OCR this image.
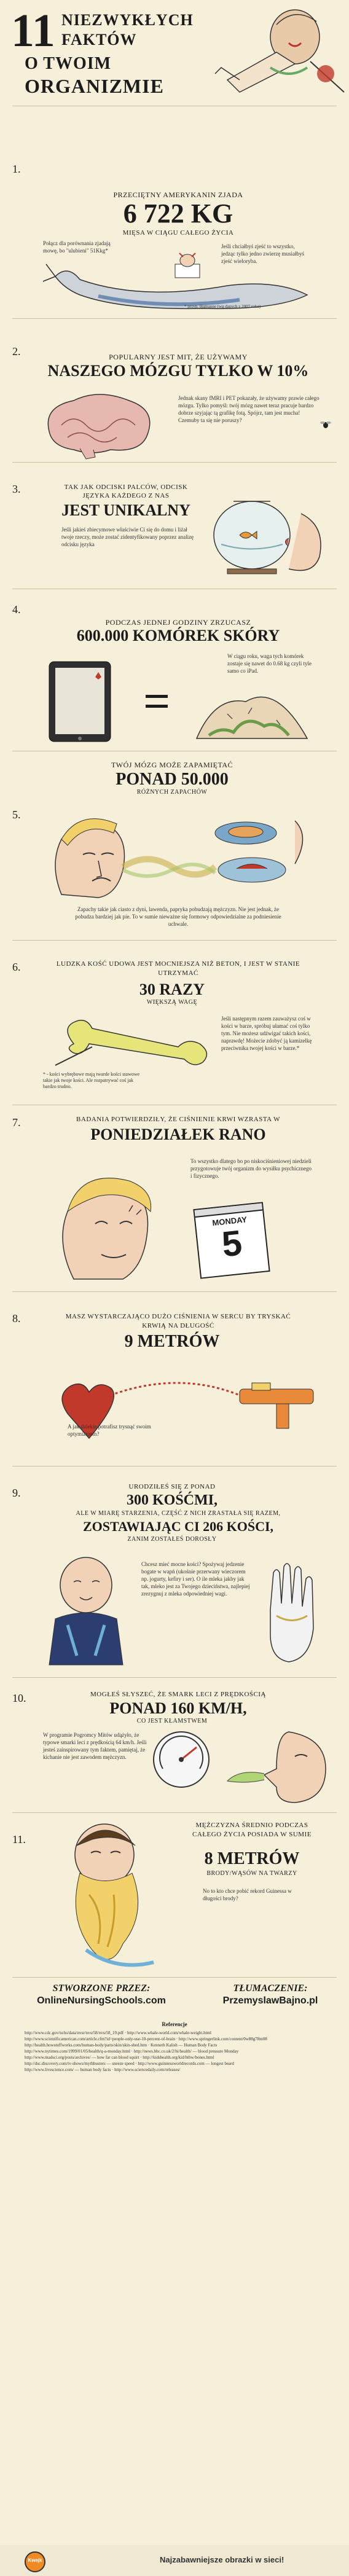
11 NIEZWYKŁYCH
FAKTÓW
O TWOIM
ORGANIZMIE
1.
PRZECIĘTNY AMERYKANIN ZJADA
6 722 KG
MIĘSA W CIĄGU CAŁEGO ŻYCIA
Połącz dla porównania zjadają mowę, bo "ulubieni" 51Kkg*
Jeśli chciałbyś zjeść to wszystko, jedząc tylko jedno zwierzę musiałbyś zjeść wieloryba.
* przyp. Humanne (wg danych z 2007 roku)
2.	POPULARNY JEST MIT, ŻE UŻYWAMY
NASZEGO MÓZGU TYLKO W 10%
Jednak skany fMRI i PET pokazały, że używamy prawie całego mózgu. Tylko pomyśl: twój mózg nawet teraz pracuje bardzo dobrze szyjając tą grafikę fotą. Spójrz, tam jest mucha! Czemuby ta się nie poruszy?
3.	TAK JAK ODCISKI PALCÓW, ODCISK JĘZYKA KAŻDEGO Z NAS
JEST UNIKALNY
Jeśli jakieś zbiecymowe właściwie Ci się do domu i liżał twoje rzeczy, może zostać zidentyfikowany poprzez analizę odcisku języka
4.
PODCZAS JEDNEJ GODZINY ZRZUCASZ
600.000 KOMÓREK SKÓRY
W ciągu roku, waga tych komórek zostaje się nawet do 0.68 kg czyli tyle samo co iPad.
5.
TWÓJ MÓZG MOŻE ZAPAMIĘTAĆ
PONAD 50.000
RÓŻNYCH ZAPACHÓW
Zapachy takie jak ciasto z dyni, lawenda, papryka pobudzają mężczyzn. Nie jest jednak, że pobudza bardziej jak pie. To w sumie nieważne się formowy odpowiedzialne za podniesienie uchwale.
6.	LUDZKA KOŚĆ UDOWA JEST MOCNIEJSZA NIŻ BETON, I JEST W STANIE UTRZYMAĆ
30 RAZY
WIĘKSZĄ WAGĘ
Jeśli następnym razem zauważysz coś w kości w barze, spróbuj ułamać coś tylko tym. Nie możesz udźwigać takich kości, naprawdę! Możecie zdobyć ją kamizelkę przeciwnika twojej kości w barze.*
* - kości wybrębowe mają twarde kości stawowe takie jak twoje kości. Ale rozpatrywać coś jak bardzo trudno.
7.	BADANIA POTWIERDZIŁY, ŻE CIŚNIENIE KRWI WZRASTA W
PONIEDZIAŁEK RANO
To wszystko dlatego bo po niskociśnieniowej niedzieli przygotowuje twój organizm do wysiłku psychicznego i fizycznego.
MONDAY
5
8.	MASZ WYSTARCZAJĄCO DUŻO CIŚNIENIA W SERCU BY TRYSKAĆ KRWIĄ NA DŁUGOŚĆ
9 METRÓW
A jak dalekie potrafisz trysnąć swoim optymizmem?
9.	URODZIŁEŚ SIĘ Z PONAD
300 KOŚĆMI,
ALE W MIARĘ STARZENIA, CZĘŚĆ Z NICH ZRASTAŁA SIĘ RAZEM,
ZOSTAWIAJĄC CI 206 KOŚCI,
ZANIM ZOSTAŁEŚ DOROSŁY
Chcesz mieć mocne kości? Spożywaj jedzenie bogate w wapń (ukośnie przerwany wieczorem np. jogurty, kefiry i ser). O ile mleka jakby jak tak, mleko jest za Twojego dzieciństwa, najlepiej zrezygnuj z mleka odpowiedniej wagi.
10.	MOGŁEŚ SŁYSZEĆ, ŻE SMARK LECI Z PRĘDKOŚCIĄ
PONAD 160 KM/H,
CO JEST KŁAMSTWEM
W programie Pogromcy Mitów udążyło, że typowe smarki leci z prędkością 64 km/h. Jeśli jesteś zainspirowany tym faktem, pamiętaj, że kichanie nie jest zawodem mężczyzn.
11.
MĘŻCZYZNA ŚREDNIO PODCZAS CAŁEGO ŻYCIA POSIADA W SUMIE
8 METRÓW
BRODY/WĄSÓW NA TWARZY
No to kto chce pobić rekord Guinessa w długości brody?
STWORZONE PRZEZ:
OnlineNursingSchools.com
TŁUMACZENIE:
PrzemyslawBajno.pl
Referencje
http://www.cdc.gov/nchs/data/nvsr/nvsr58/nvsr58_19.pdf · http://www.whale-world.com/whale-weight.html
http://www.scientificamerican.com/article.cfm?id=people-only-use-10-percent-of-brain · http://www.springerlink.com/content/0w88g78m08
http://health.howstuffworks.com/human-body/parts/skin/skin-shed.htm · Kenneth Kalish — Human Body Facts
http://www.nytimes.com/1999/01/05/health/q-a-monday.html · http://news.bbc.co.uk/2/hi/health/ — blood pressure Monday
http://www.madsci.org/posts/archives/ — how far can blood squirt · http://kidshealth.org/kid/htbw/bones.html
http://dsc.discovery.com/tv-shows/mythbusters — sneeze speed · http://www.guinnessworldrecords.com — longest beard
http://www.livescience.com/ — human body facts · http://www.sciencedaily.com/releases/
Kwejk	Najzabawniejsze obrazki w sieci!
